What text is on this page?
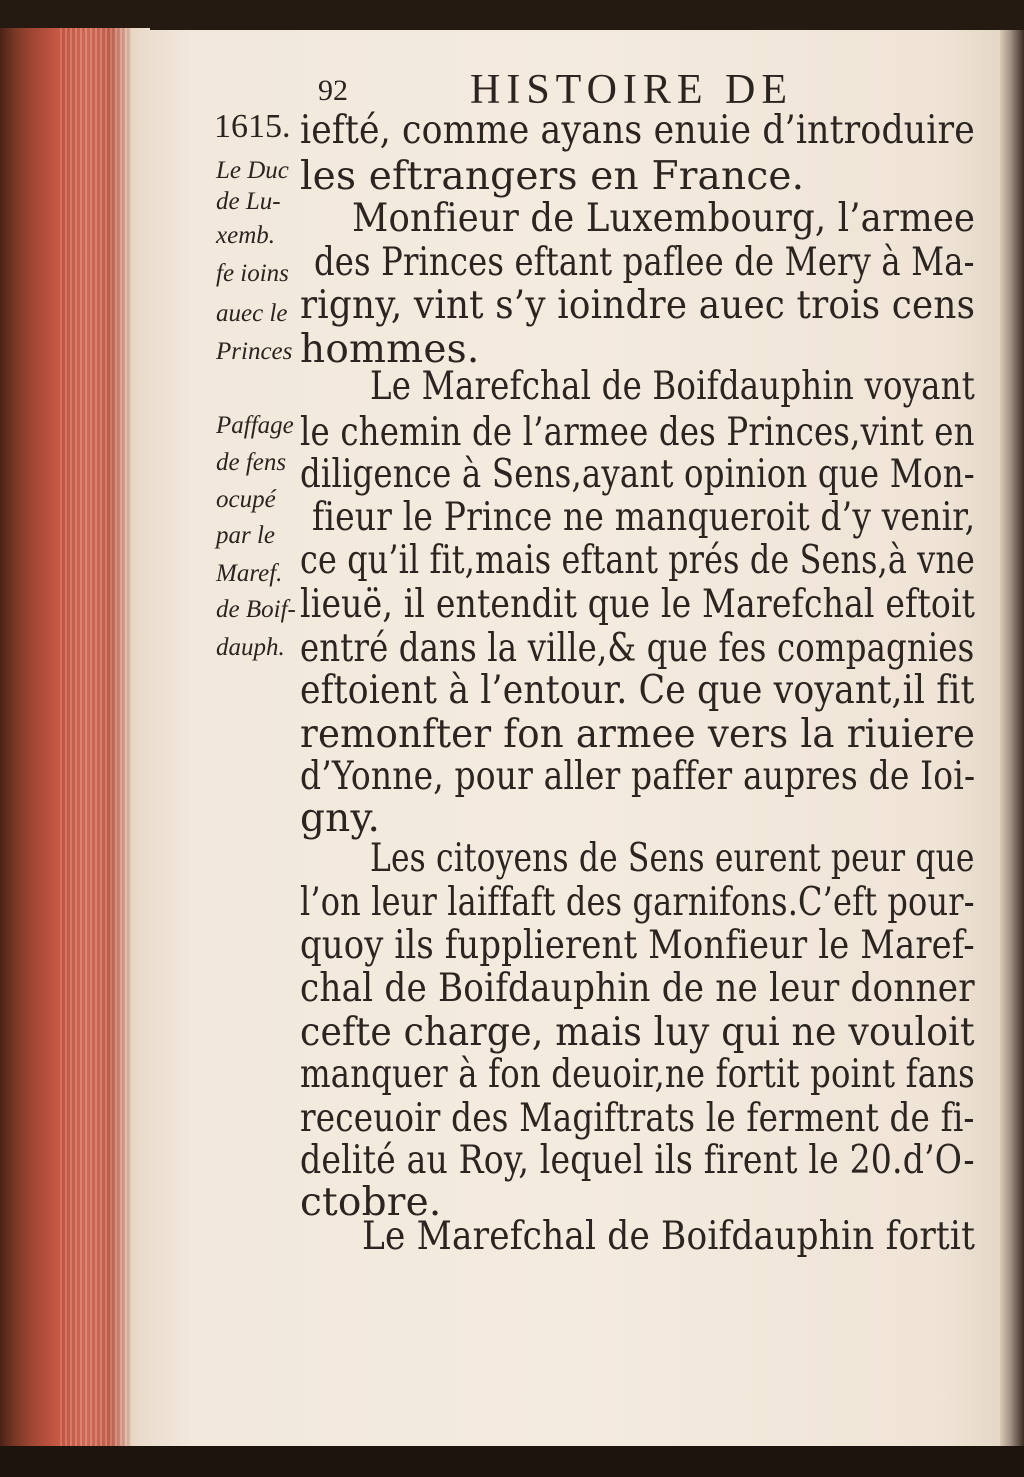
92	HISTOIRE DE
1615. iefté, comme ayans enuie d’introduire
les eftrangers en France.
Monfieur de Luxembourg, l’armee
des Princes eftant paflee de Mery à Ma-
rigny, vint s’y ioindre auec trois cens
hommes.
Le Marefchal de Boifdauphin voyant
le chemin de l’armee des Princes,vint en
diligence à Sens,ayant opinion que Mon-
fieur le Prince ne manqueroit d’y venir,
ce qu’il fit,mais eftant prés de Sens,à vne
lieuë, il entendit que le Marefchal eftoit
entré dans la ville,& que fes compagnies
eftoient à l’entour. Ce que voyant,il fit
remonfter fon armee vers la riuiere
d’Yonne, pour aller paffer aupres de Ioi-
gny.
Les citoyens de Sens eurent peur que
l’on leur laiffaft des garnifons.C’eft pour-
quoy ils fupplierent Monfieur le Maref-
chal de Boifdauphin de ne leur donner
cefte charge, mais luy qui ne vouloit
manquer à fon deuoir,ne fortit point fans
receuoir des Magiftrats le ferment de fi-
delité au Roy, lequel ils firent le 20.d’O-
ctobre.
Le Marefchal de Boifdauphin fortit
Le Duc
de Lu-
xemb.
fe ioins
auec le
Princes
Paffage
de fens
ocupé
par le
Maref.
de Boif-
dauph.
